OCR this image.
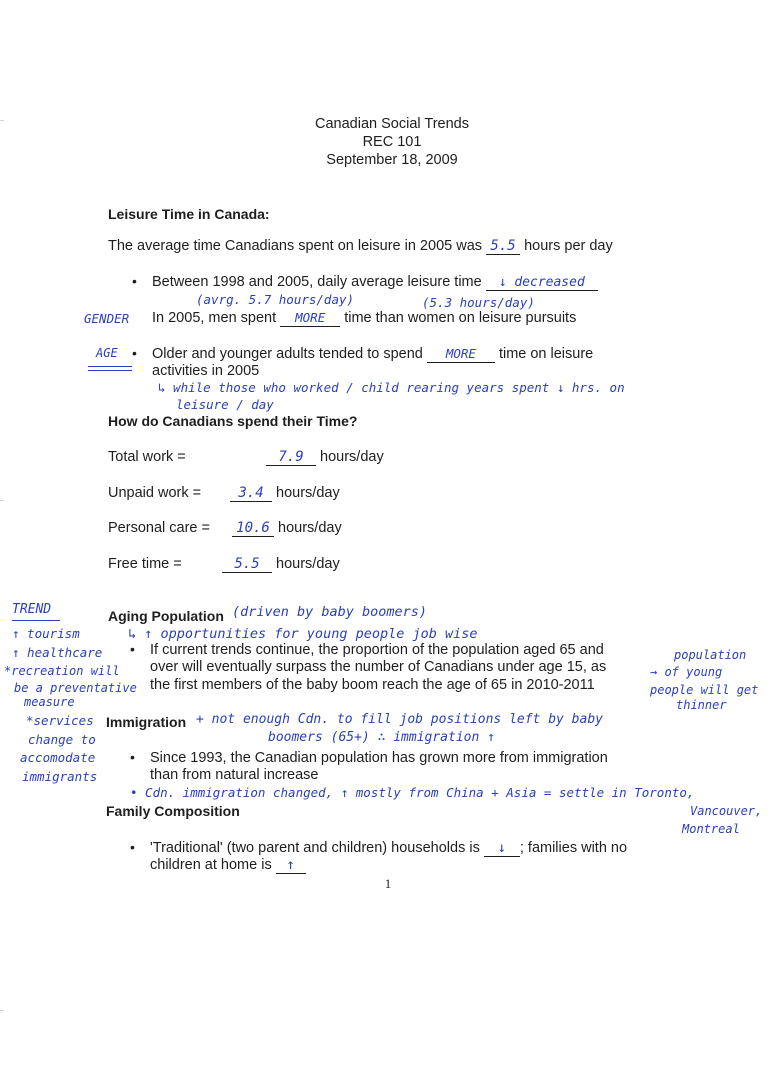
Canadian Social Trends
REC 101
September 18, 2009
Leisure Time in Canada:
The average time Canadians spent on leisure in 2005 was 5.5 hours per day
• Between 1998 and 2005, daily average leisure time ↓ decreased
(avrg. 5.7 hours/day)	(5.3 hours/day)
GENDER In 2005, men spent MORE time than women on leisure pursuits
AGE • Older and younger adults tended to spend MORE time on leisure
activities in 2005
↳ while those who worked / child rearing years spent ↓ hrs. on
leisure / day
How do Canadians spend their Time?
Total work =	7.9 hours/day
Unpaid work =	3.4 hours/day
Personal care = 10.6 hours/day
Free time =	5.5 hours/day
TREND
↑ tourism
↑ healthcare
*recreation will
be a preventative
measure
Aging Population (driven by baby boomers)
↳ ↑ opportunities for young people job wise
• If current trends continue, the proportion of the population aged 65 and
over will eventually surpass the number of Canadians under age 15, as
the first members of the baby boom reach the age of 65 in 2010-2011
population
→ of young
people will get
thinner
*services
change to
accomodate
immigrants
Immigration + not enough Cdn. to fill job positions left by baby
boomers (65+) ∴ immigration ↑
• Since 1993, the Canadian population has grown more from immigration
than from natural increase
• Cdn. immigration changed, ↑ mostly from China + Asia = settle in Toronto,
Vancouver,
Montreal
Family Composition
• 'Traditional' (two parent and children) households is ↓ ; families with no
children at home is ↑
1
